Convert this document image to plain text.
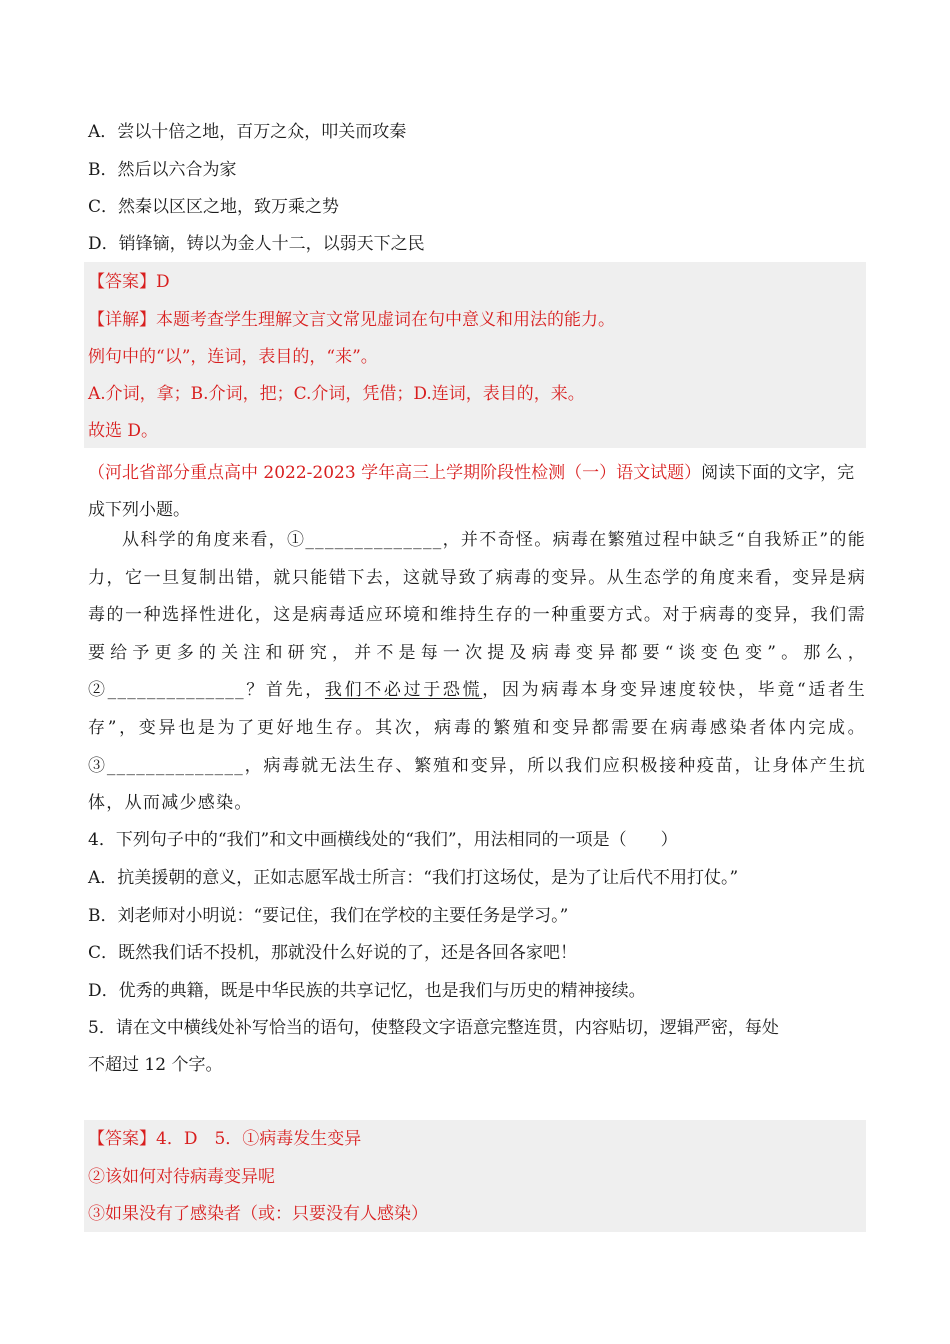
A．尝以十倍之地，百万之众，叩关而攻秦
B．然后以六合为家
C．然秦以区区之地，致万乘之势
D．销锋镝，铸以为金人十二，以弱天下之民
【答案】D
【详解】本题考查学生理解文言文常见虚词在句中意义和用法的能力。
例句中的“以”，连词，表目的，“来”。
A.介词，拿；B.介词，把；C.介词，凭借；D.连词，表目的，来。
故选 D。
（河北省部分重点高中 2022-2023 学年高三上学期阶段性检测（一）语文试题）阅读下面的文字，完成下列小题。

从科学的角度来看，①______________，并不奇怪。病毒在繁殖过程中缺乏“自我矫正”的能力，它一旦复制出错，就只能错下去，这就导致了病毒的变异。从生态学的角度来看，变异是病毒的一种选择性进化，这是病毒适应环境和维持生存的一种重要方式。对于病毒的变异，我们需要给予更多的关注和研究，并不是每一次提及病毒变异都要“谈变色变”。那么，②______________？首先，我们不必过于恐慌，因为病毒本身变异速度较快，毕竟“适者生存”，变异也是为了更好地生存。其次，病毒的繁殖和变异都需要在病毒感染者体内完成。③______________，病毒就无法生存、繁殖和变异，所以我们应积极接种疫苗，让身体产生抗体，从而减少感染。

4．下列句子中的“我们”和文中画横线处的“我们”，用法相同的一项是（　　）
A．抗美援朝的意义，正如志愿军战士所言：“我们打这场仗，是为了让后代不用打仗。”
B．刘老师对小明说：“要记住，我们在学校的主要任务是学习。”
C．既然我们话不投机，那就没什么好说的了，还是各回各家吧！
D．优秀的典籍，既是中华民族的共享记忆，也是我们与历史的精神接续。
5．请在文中横线处补写恰当的语句，使整段文字语意完整连贯，内容贴切，逻辑严密，每处
不超过 12 个字。
【答案】4．D　5．①病毒发生变异
②该如何对待病毒变异呢
③如果没有了感染者（或：只要没有人感染）
